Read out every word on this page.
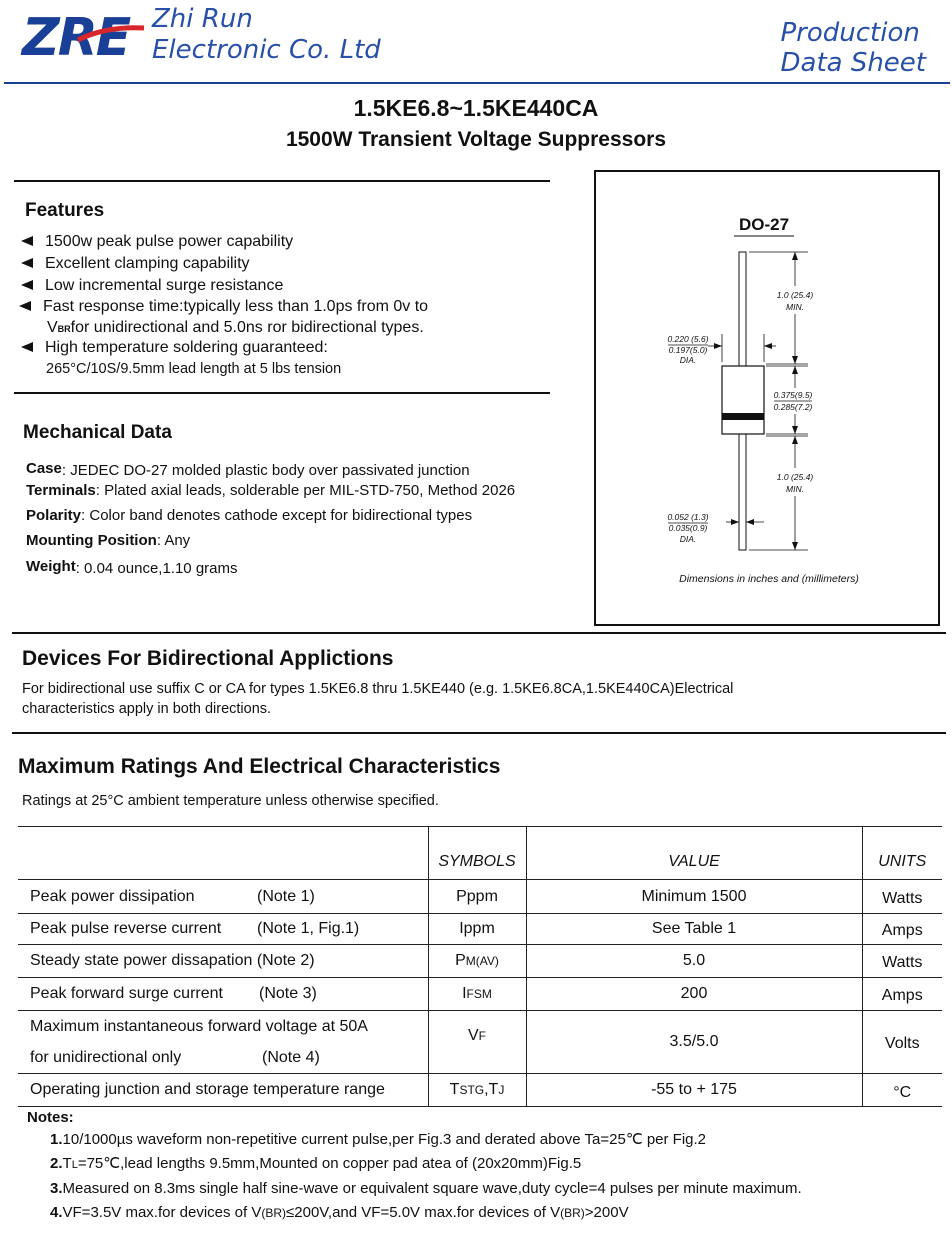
ZRE Zhi Run
Electronic Co. Ltd
Production
Data Sheet
1.5KE6.8~1.5KE440CA
1500W Transient Voltage Suppressors
Features
1500w peak pulse power capability
Excellent clamping capability
Low incremental surge resistance
Fast response time:typically less than 1.0ps from 0v to
VBRfor unidirectional and 5.0ns ror bidirectional types.
High temperature soldering guaranteed:
265°C/10S/9.5mm lead length at 5 lbs tension
Mechanical Data
Case: JEDEC DO-27 molded plastic body over passivated junction
Terminals: Plated axial leads, solderable per MIL-STD-750, Method 2026
Polarity: Color band denotes cathode except for bidirectional types
Mounting Position: Any
Weight: 0.04 ounce,1.10 grams
DO-27
1.0 (25.4)
MIN.
0.375(9.5)
0.285(7.2)
1.0 (25.4)
MIN.
0.220 (5.6)
0.197(5.0)
DIA.
0.052 (1.3)
0.035(0.9)
DIA.
Dimensions in inches and (millimeters)
Devices For Bidirectional Applictions
For bidirectional use suffix C or CA for types 1.5KE6.8 thru 1.5KE440 (e.g. 1.5KE6.8CA,1.5KE440CA)Electrical
characteristics apply in both directions.
Maximum Ratings And Electrical Characteristics
Ratings at 25°C ambient temperature unless otherwise specified.
	SYMBOLS	VALUE	UNITS
Peak power dissipation (Note 1)	Pppm	Minimum 1500	Watts
Peak pulse reverse current (Note 1, Fig.1)	Ippm	See Table 1	Amps
Steady state power dissapation (Note 2)	PM(AV)	5.0	Watts
Peak forward surge current (Note 3)	IFSM	200	Amps

Maximum instantaneous forward voltage at 50A
for unidirectional only (Note 4)	VF	3.5/5.0	Volts
Operating junction and storage temperature range	TSTG,TJ	-55 to + 175	°C
Notes:
1.10/1000µs waveform non-repetitive current pulse,per Fig.3 and derated above Ta=25℃ per Fig.2
2.TL=75℃,lead lengths 9.5mm,Mounted on copper pad atea of (20x20mm)Fig.5
3.Measured on 8.3ms single half sine-wave or equivalent square wave,duty cycle=4 pulses per minute maximum.
4.VF=3.5V max.for devices of V(BR)≤200V,and VF=5.0V max.for devices of V(BR)>200V
